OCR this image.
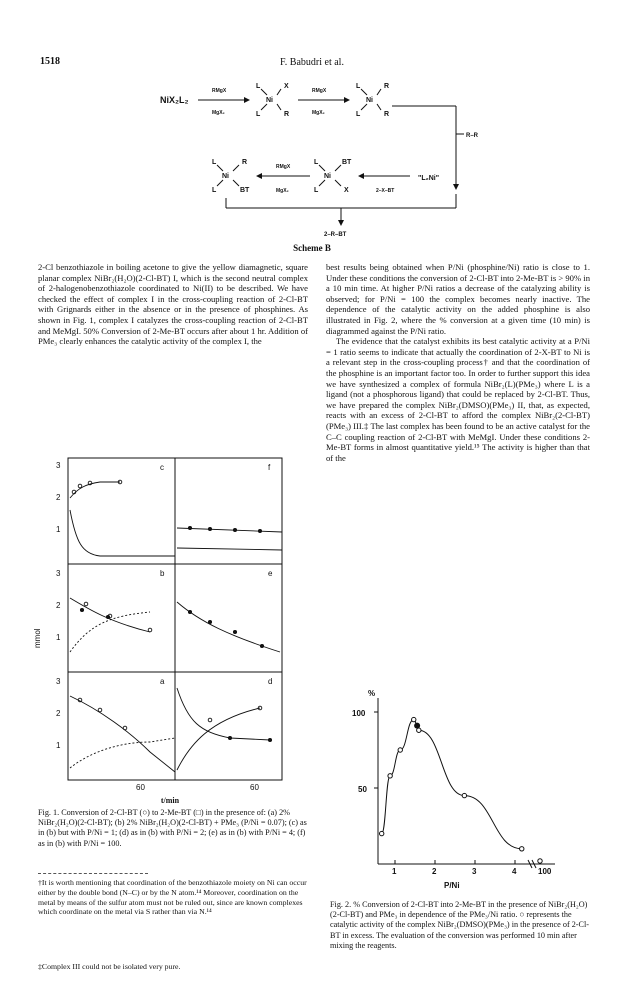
1518	F. Babudri et al.
NiX₂L₂
RMgX
MgX₂
L	X
Ni
L	R
RMgX
MgX₂
L	R
Ni
L	R
R–R
L	R
Ni
L	BT
RMgX
MgX₂
L	BT
Ni
L	X	2–X–BT
"L₂Ni"
2–R–BT
Scheme B

2-Cl benzothiazole in boiling acetone to give the yellow diamagnetic, square planar complex NiBr₂(H₂O)(2-Cl-BT) I, which is the second neutral complex of 2-halogenobenzothiazole coordinated to Ni(II) to be described. We have checked the effect of complex I in the cross-coupling reaction of 2-Cl-BT with Grignards either in the absence or in the presence of phosphines. As shown in Fig. 1, complex I catalyzes the cross-coupling reaction of 2-Cl-BT and MeMgI. 50% Conversion of 2-Me-BT occurs after about 1 hr. Addition of PMe₃ clearly enhances the catalytic activity of the complex I, the

best results being obtained when P/Ni (phosphine/Ni) ratio is close to 1. Under these conditions the conversion of 2-Cl-BT into 2-Me-BT is > 90% in a 10 min time. At higher P/Ni ratios a decrease of the catalyzing ability is observed; for P/Ni = 100 the complex becomes nearly inactive. The dependence of the catalytic activity on the added phosphine is also illustrated in Fig. 2, where the % conversion at a given time (10 min) is diagrammed against the P/Ni ratio.

The evidence that the catalyst exhibits its best catalytic activity at a P/Ni = 1 ratio seems to indicate that actually the coordination of 2-X-BT to Ni is a relevant step in the cross-coupling process† and that the coordination of the phosphine is an important factor too. In order to further support this idea we have synthesized a complex of formula NiBr₂(L)(PMe₃) where L is a ligand (not a phosphorous ligand) that could be replaced by 2-Cl-BT. Thus, we have prepared the complex NiBr₂(DMSO)(PMe₃) II, that, as expected, reacts with an excess of 2-Cl-BT to afford the complex NiBr₂(2-Cl-BT)(PMe₃) III.‡ The last complex has been found to be an active catalyst for the C–C coupling reaction of 2-Cl-BT with MeMgI. Under these conditions 2-Me-BT forms in almost quantitative yield.¹⁵ The activity is higher than that of the

3
2
1
3
2
1
3
2
1
c	f
b	e
a	d
60	60
mmol
t/min
Fig. 1. Conversion of 2-Cl-BT (○) to 2-Me-BT (□) in the presence of: (a) 2% NiBr₂(H₂O)(2-Cl-BT); (b) 2% NiBr₂(H₂O)(2-Cl-BT) + PMe₃ (P/Ni = 0.07); (c) as in (b) but with P/Ni = 1; (d) as in (b) with P/Ni = 2; (e) as in (b) with P/Ni = 4; (f) as in (b) with P/Ni = 100.
†It is worth mentioning that coordination of the benzothiazole moiety on Ni can occur either by the double bond (N–C) or by the N atom.¹⁴ Moreover, coordination on the metal by means of the sulfur atom must not be ruled out, since are known complexes which coordinate on the metal via S rather than via N.¹⁴
‡Complex III could not be isolated very pure.
%
100
50
1	2	3	4	100
P/Ni
Fig. 2. % Conversion of 2-Cl-BT into 2-Me-BT in the presence of NiBr₂(H₂O)(2-Cl-BT) and PMe₃ in dependence of the PMe₃/Ni ratio. ○ represents the catalytic activity of the complex NiBr₂(DMSO)(PMe₃) in the presence of 2-Cl-BT in excess. The evaluation of the conversion was performed 10 min after mixing the reagents.
